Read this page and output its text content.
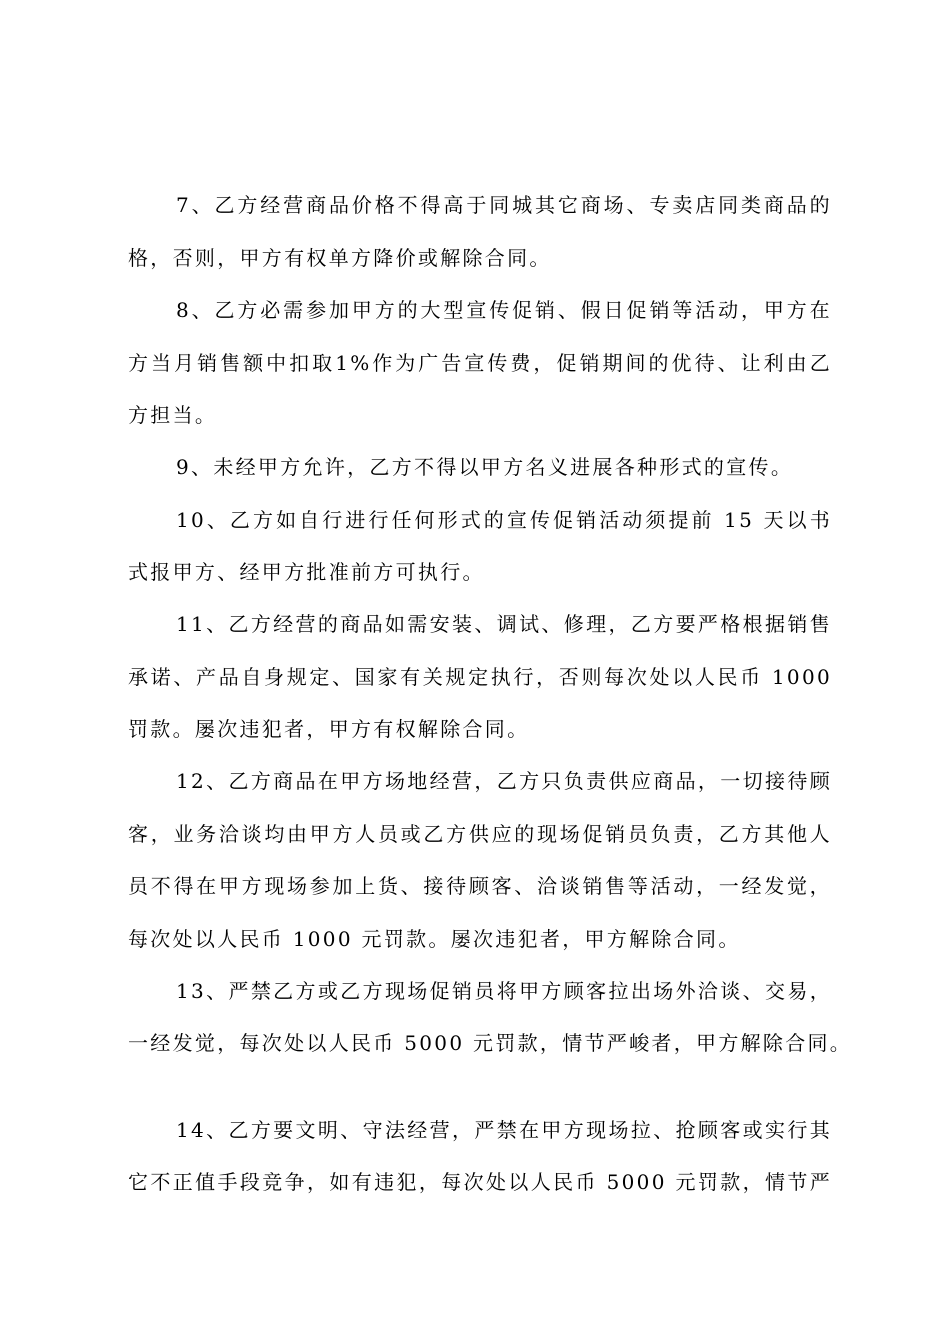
7、乙方经营商品价格不得高于同城其它商场、专卖店同类商品的
格，否则，甲方有权单方降价或解除合同。
8、乙方必需参加甲方的大型宣传促销、假日促销等活动，甲方在
方当月销售额中扣取1%作为广告宣传费，促销期间的优待、让利由乙
方担当。
9、未经甲方允许，乙方不得以甲方名义进展各种形式的宣传。
10、乙方如自行进行任何形式的宣传促销活动须提前 15 天以书
式报甲方、经甲方批准前方可执行。
11、乙方经营的商品如需安装、调试、修理，乙方要严格根据销售
承诺、产品自身规定、国家有关规定执行，否则每次处以人民币 1000
罚款。屡次违犯者，甲方有权解除合同。
12、乙方商品在甲方场地经营，乙方只负责供应商品，一切接待顾
客，业务洽谈均由甲方人员或乙方供应的现场促销员负责，乙方其他人
员不得在甲方现场参加上货、接待顾客、洽谈销售等活动，一经发觉，
每次处以人民币 1000 元罚款。屡次违犯者，甲方解除合同。
13、严禁乙方或乙方现场促销员将甲方顾客拉出场外洽谈、交易，
一经发觉，每次处以人民币 5000 元罚款，情节严峻者，甲方解除合同。
14、乙方要文明、守法经营，严禁在甲方现场拉、抢顾客或实行其
它不正值手段竞争，如有违犯，每次处以人民币 5000 元罚款，情节严
